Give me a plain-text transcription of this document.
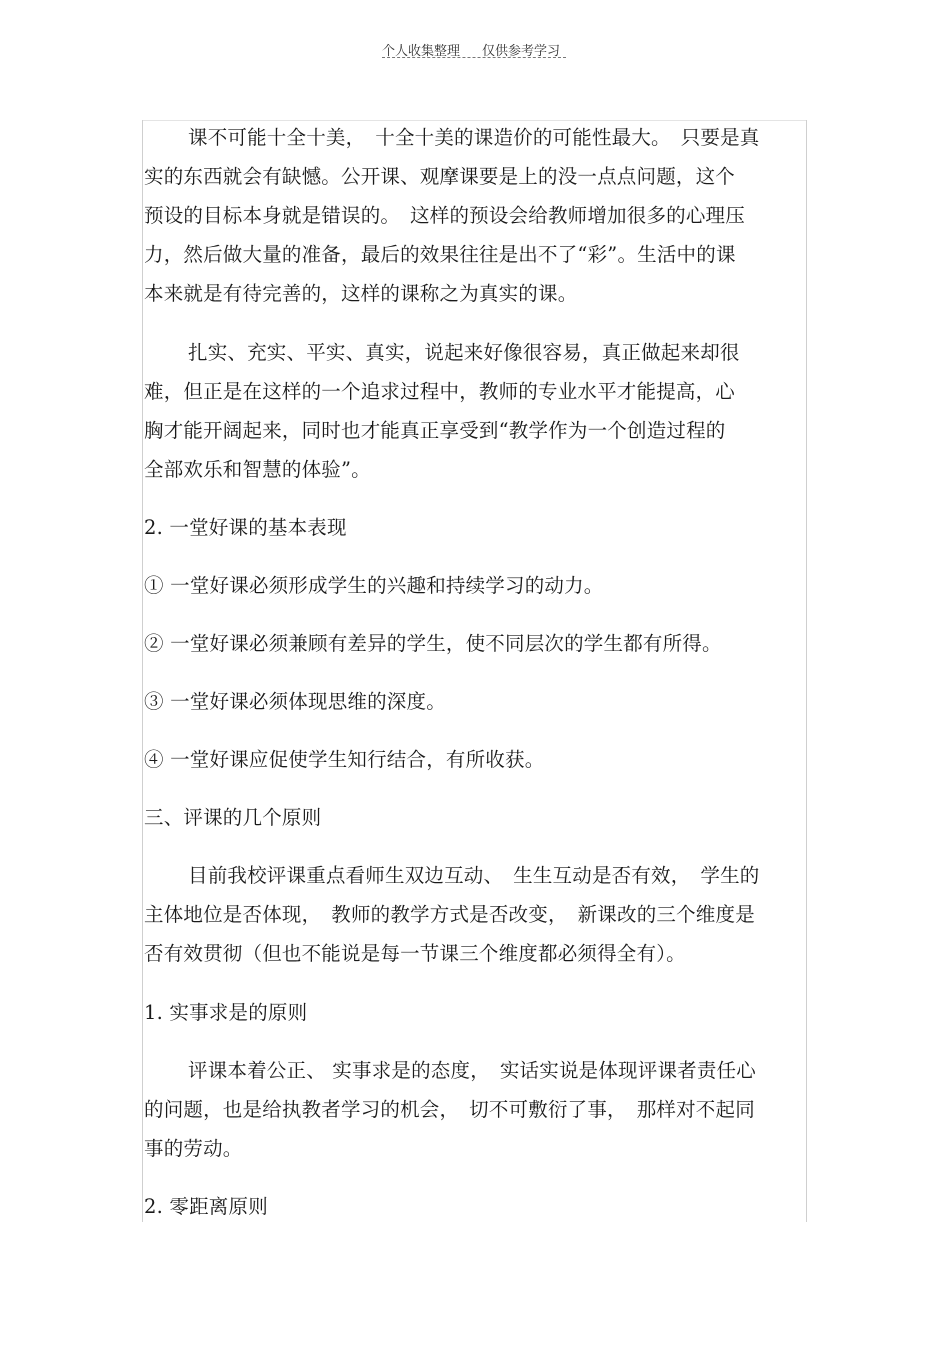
个人收集整理 仅供参考学习
课不可能十全十美，　十全十美的课造价的可能性最大。　只要是真
实的东西就会有缺憾。公开课、观摩课要是上的没一点点问题，这个
预设的目标本身就是错误的。　这样的预设会给教师增加很多的心理压
力，然后做大量的准备，最后的效果往往是出不了“彩”。生活中的课
本来就是有待完善的，这样的课称之为真实的课。
扎实、充实、平实、真实，说起来好像很容易，真正做起来却很
难，但正是在这样的一个追求过程中，教师的专业水平才能提高，心
胸才能开阔起来，同时也才能真正享受到“教学作为一个创造过程的
全部欢乐和智慧的体验”。
2. 一堂好课的基本表现
① 一堂好课必须形成学生的兴趣和持续学习的动力。
② 一堂好课必须兼顾有差异的学生，使不同层次的学生都有所得。
③ 一堂好课必须体现思维的深度。
④ 一堂好课应促使学生知行结合，有所收获。
三、评课的几个原则
目前我校评课重点看师生双边互动、　生生互动是否有效，　学生的
主体地位是否体现，　教师的教学方式是否改变，　新课改的三个维度是
否有效贯彻（但也不能说是每一节课三个维度都必须得全有）。
1. 实事求是的原则
评课本着公正、 实事求是的态度，　实话实说是体现评课者责任心
的问题，也是给执教者学习的机会，　切不可敷衍了事，　那样对不起同
事的劳动。
2. 零距离原则
